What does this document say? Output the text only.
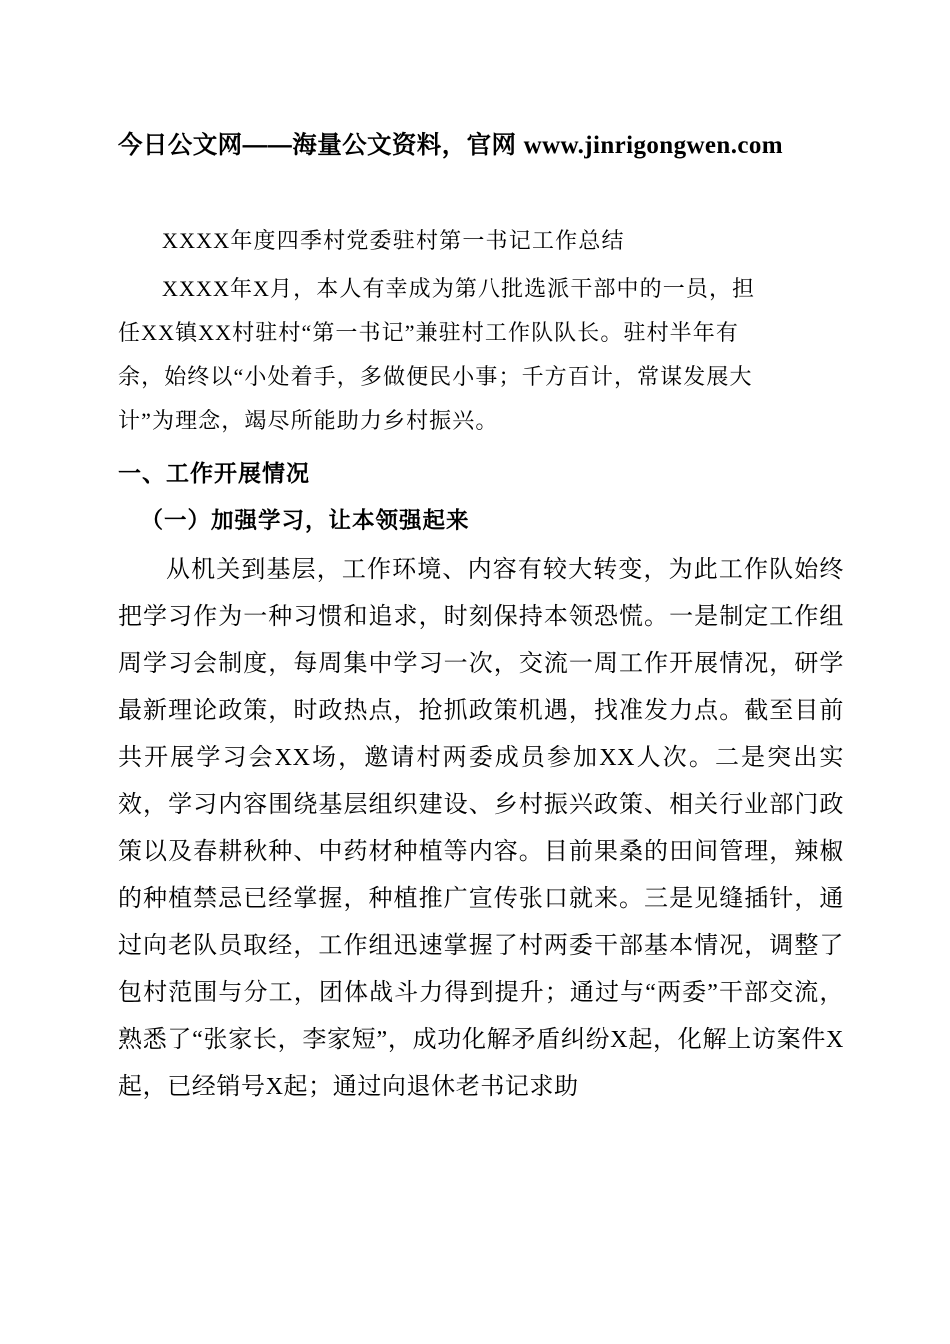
今日公文网——海量公文资料，官网 www.jinrigongwen.com

XXXX年度四季村党委驻村第一书记工作总结

XXXX年X月，本人有幸成为第八批选派干部中的一员，担任XX镇XX村驻村“第一书记”兼驻村工作队队长。驻村半年有余，始终以“小处着手，多做便民小事；千方百计，常谋发展大计”为理念，竭尽所能助力乡村振兴。

一、工作开展情况

（一）加强学习，让本领强起来

从机关到基层，工作环境、内容有较大转变，为此工作队始终把学习作为一种习惯和追求，时刻保持本领恐慌。一是制定工作组周学习会制度，每周集中学习一次，交流一周工作开展情况，研学最新理论政策，时政热点，抢抓政策机遇，找准发力点。截至目前共开展学习会XX场，邀请村两委成员参加XX人次。二是突出实效，学习内容围绕基层组织建设、乡村振兴政策、相关行业部门政策以及春耕秋种、中药材种植等内容。目前果桑的田间管理，辣椒的种植禁忌已经掌握，种植推广宣传张口就来。三是见缝插针，通过向老队员取经，工作组迅速掌握了村两委干部基本情况，调整了包村范围与分工，团体战斗力得到提升；通过与“两委”干部交流，熟悉了“张家长，李家短”，成功化解矛盾纠纷X起，化解上访案件X起，已经销号X起；通过向退休老书记求助
